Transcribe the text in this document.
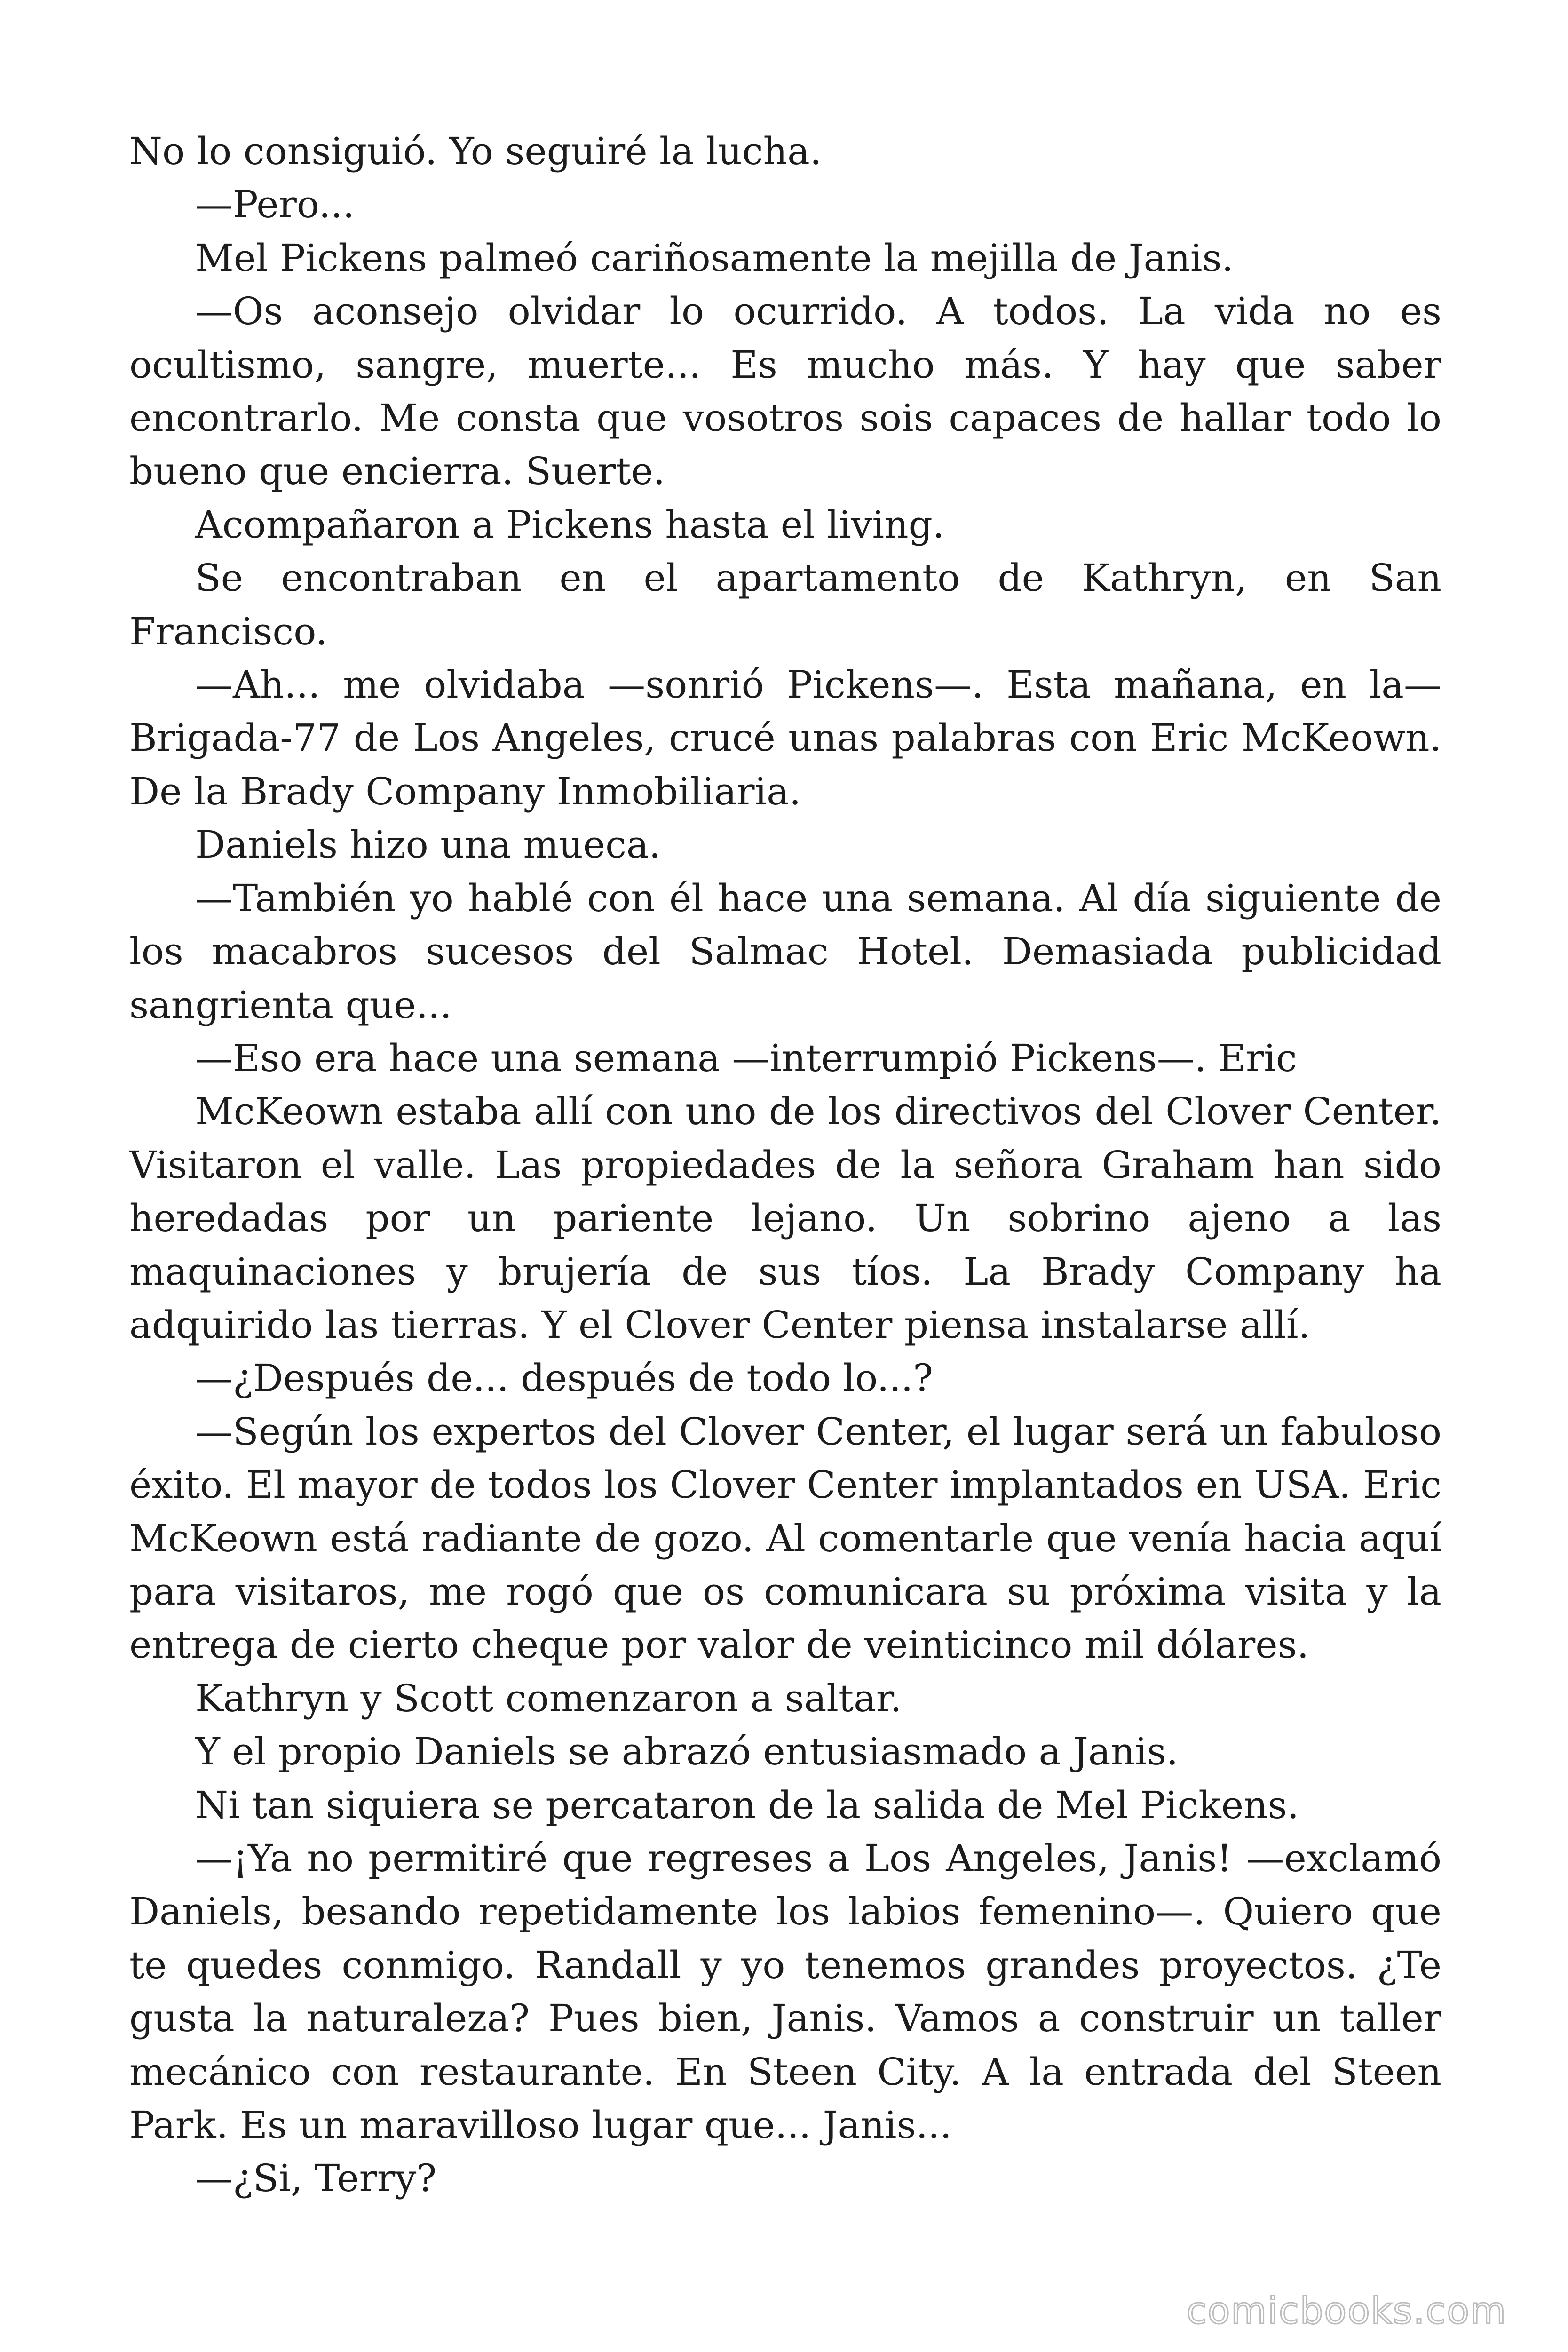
No lo consiguió. Yo seguiré la lucha.

—Pero...

Mel Pickens palmeó cariñosamente la mejilla de Janis.

—Os aconsejo olvidar lo ocurrido. A todos. La vida no es ocultismo, sangre, muerte... Es mucho más. Y hay que saber encontrarlo. Me consta que vosotros sois capaces de hallar todo lo bueno que encierra. Suerte.

Acompañaron a Pickens hasta el living.

Se encontraban en el apartamento de Kathryn, en San Francisco.

—Ah... me olvidaba —sonrió Pickens—. Esta mañana, en la— Brigada-77 de Los Angeles, crucé unas palabras con Eric McKeown. De la Brady Company Inmobiliaria.

Daniels hizo una mueca.

—También yo hablé con él hace una semana. Al día siguiente de los macabros sucesos del Salmac Hotel. Demasiada publicidad sangrienta que...

—Eso era hace una semana —interrumpió Pickens—. Eric

McKeown estaba allí con uno de los directivos del Clover Center. Visitaron el valle. Las propiedades de la señora Graham han sido heredadas por un pariente lejano. Un sobrino ajeno a las maquinaciones y brujería de sus tíos. La Brady Company ha adquirido las tierras. Y el Clover Center piensa instalarse allí.

—¿Después de... después de todo lo...?

—Según los expertos del Clover Center, el lugar será un fabuloso éxito. El mayor de todos los Clover Center implantados en USA. Eric McKeown está radiante de gozo. Al comentarle que venía hacia aquí para visitaros, me rogó que os comunicara su próxima visita y la entrega de cierto cheque por valor de veinticinco mil dólares.

Kathryn y Scott comenzaron a saltar.

Y el propio Daniels se abrazó entusiasmado a Janis.

Ni tan siquiera se percataron de la salida de Mel Pickens.

—¡Ya no permitiré que regreses a Los Angeles, Janis! —exclamó Daniels, besando repetidamente los labios femenino—. Quiero que te quedes conmigo. Randall y yo tenemos grandes proyectos. ¿Te gusta la naturaleza? Pues bien, Janis. Vamos a construir un taller mecánico con restaurante. En Steen City. A la entrada del Steen Park. Es un maravilloso lugar que... Janis...

—¿Si, Terry?

comicbooks.com
